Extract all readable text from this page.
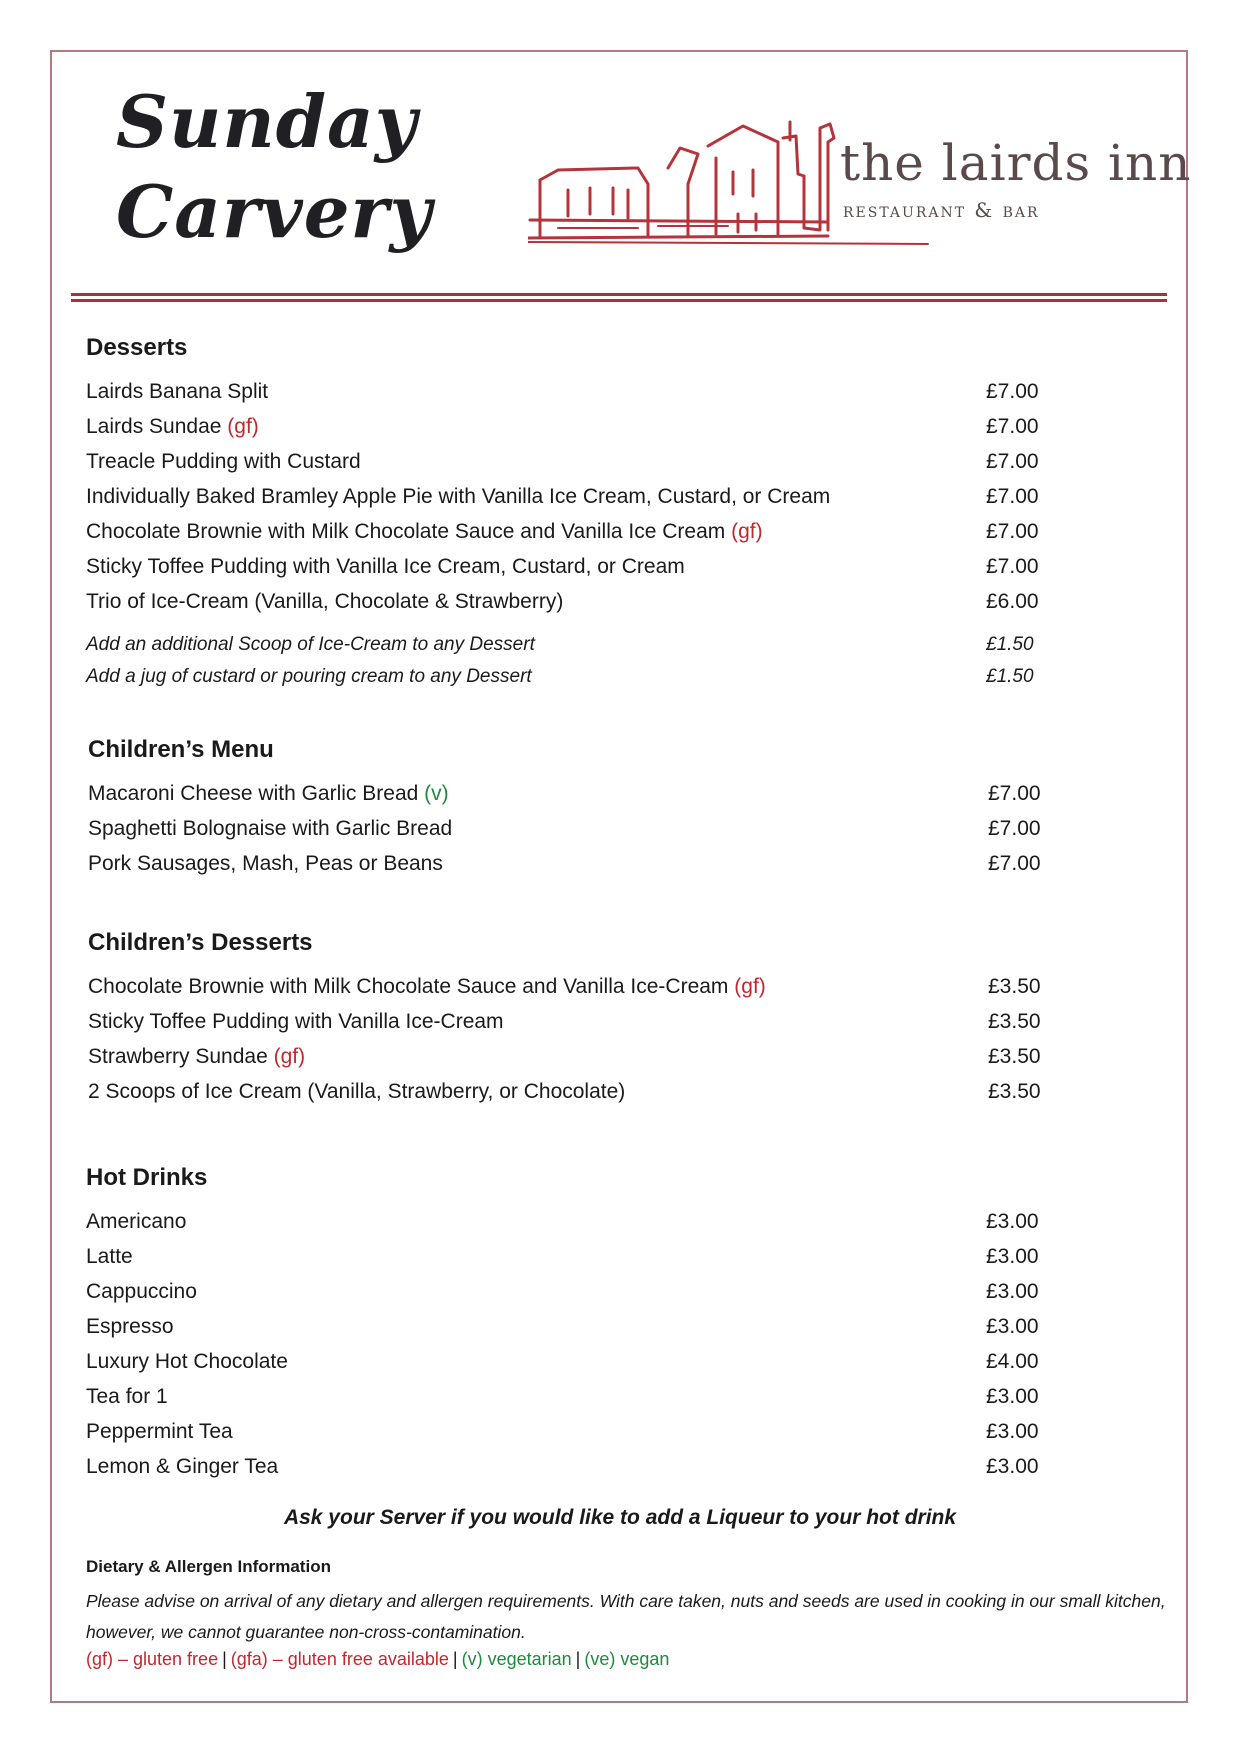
Sunday
Carvery
the lairds inn
restaurant & bar
Desserts
Lairds Banana Split	£7.00
Lairds Sundae (gf)	£7.00
Treacle Pudding with Custard	£7.00
Individually Baked Bramley Apple Pie with Vanilla Ice Cream, Custard, or Cream	£7.00
Chocolate Brownie with Milk Chocolate Sauce and Vanilla Ice Cream (gf)	£7.00
Sticky Toffee Pudding with Vanilla Ice Cream, Custard, or Cream	£7.00
Trio of Ice-Cream (Vanilla, Chocolate & Strawberry)	£6.00
Add an additional Scoop of Ice-Cream to any Dessert	£1.50
Add a jug of custard or pouring cream to any Dessert	£1.50
Children’s Menu
Macaroni Cheese with Garlic Bread (v)	£7.00
Spaghetti Bolognaise with Garlic Bread	£7.00
Pork Sausages, Mash, Peas or Beans	£7.00
Children’s Desserts
Chocolate Brownie with Milk Chocolate Sauce and Vanilla Ice-Cream (gf)	£3.50
Sticky Toffee Pudding with Vanilla Ice-Cream	£3.50
Strawberry Sundae (gf)	£3.50
2 Scoops of Ice Cream (Vanilla, Strawberry, or Chocolate)	£3.50
Hot Drinks
Americano	£3.00
Latte	£3.00
Cappuccino	£3.00
Espresso	£3.00
Luxury Hot Chocolate	£4.00
Tea for 1	£3.00
Peppermint Tea	£3.00
Lemon & Ginger Tea	£3.00
Ask your Server if you would like to add a Liqueur to your hot drink
Dietary & Allergen Information
Please advise on arrival of any dietary and allergen requirements. With care taken, nuts and seeds are used in cooking in our small kitchen, however, we cannot guarantee non-cross-contamination.
(gf) – gluten free | (gfa) – gluten free available | (v) vegetarian | (ve) vegan
